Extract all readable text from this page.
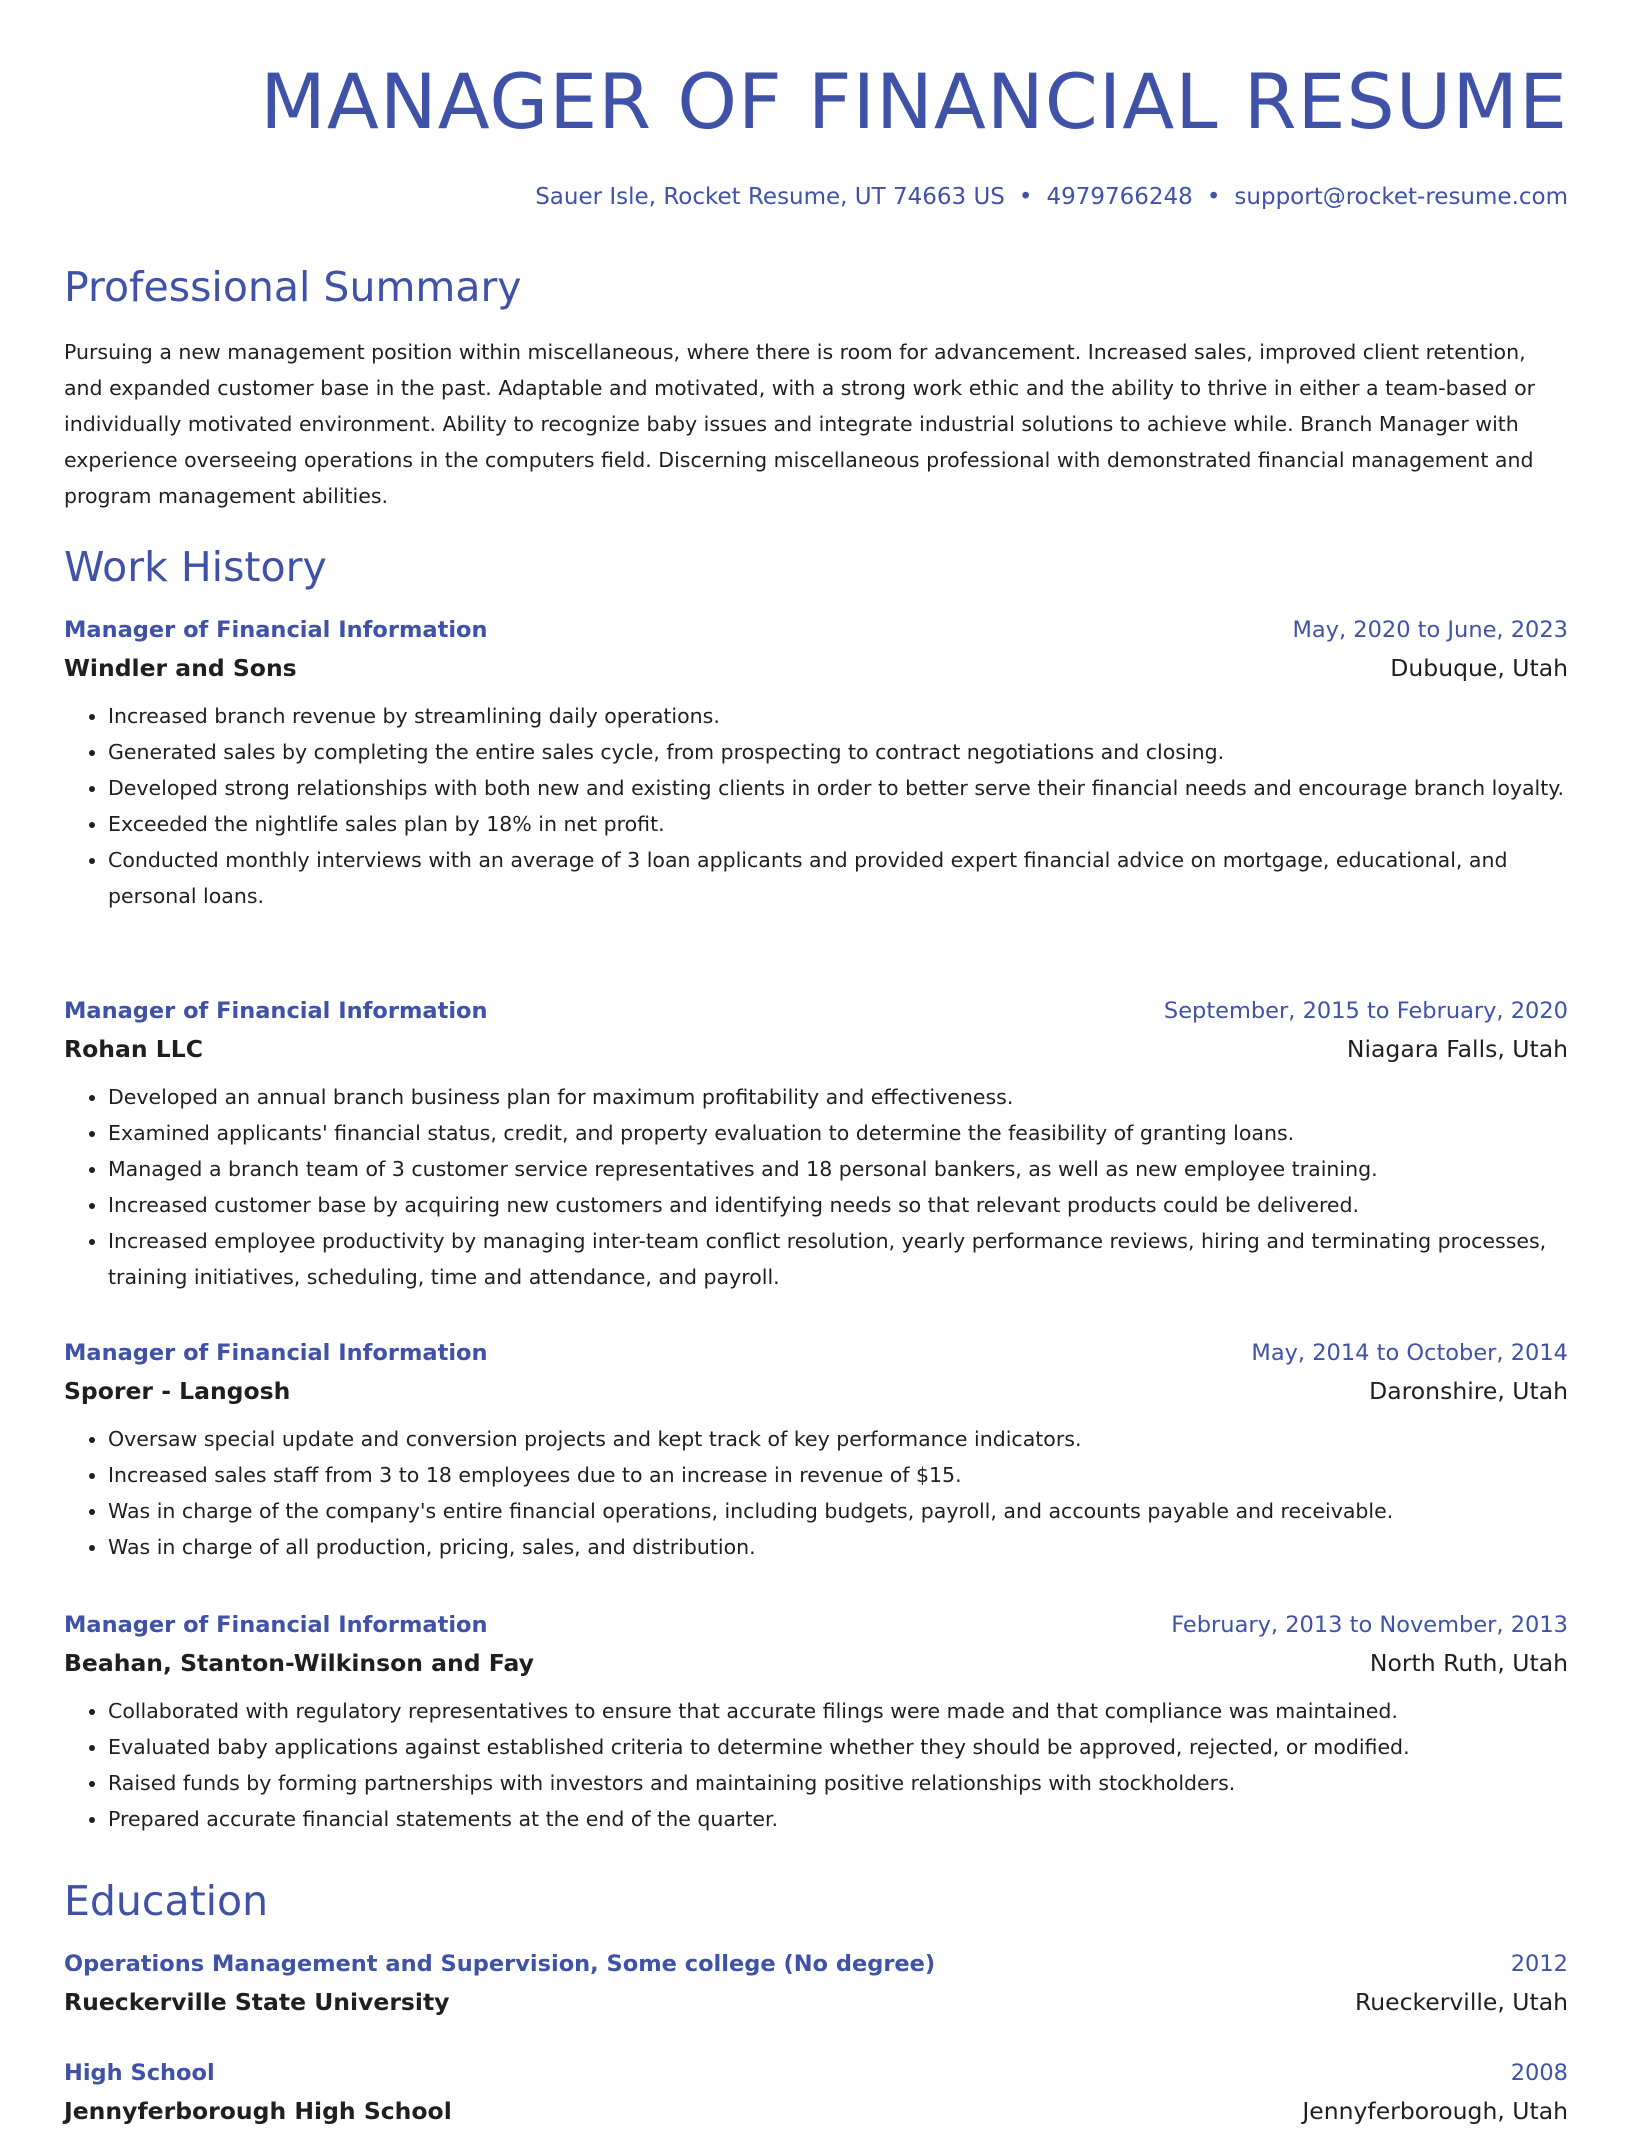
MANAGER OF FINANCIAL RESUME
Sauer Isle, Rocket Resume, UT 74663 US • 4979766248 • support@rocket-resume.com
Professional Summary
Pursuing a new management position within miscellaneous, where there is room for advancement. Increased sales, improved client retention, and expanded customer base in the past. Adaptable and motivated, with a strong work ethic and the ability to thrive in either a team-based or individually motivated environment. Ability to recognize baby issues and integrate industrial solutions to achieve while. Branch Manager with experience overseeing operations in the computers field. Discerning miscellaneous professional with demonstrated financial management and program management abilities.
Work History
Manager of Financial Information	May, 2020 to June, 2023
Windler and Sons	Dubuque, Utah
• Increased branch revenue by streamlining daily operations.
• Generated sales by completing the entire sales cycle, from prospecting to contract negotiations and closing.
• Developed strong relationships with both new and existing clients in order to better serve their financial needs and encourage branch loyalty.
• Exceeded the nightlife sales plan by 18% in net profit.
• Conducted monthly interviews with an average of 3 loan applicants and provided expert financial advice on mortgage, educational, and personal loans.
Manager of Financial Information	September, 2015 to February, 2020
Rohan LLC	Niagara Falls, Utah
• Developed an annual branch business plan for maximum profitability and effectiveness.
• Examined applicants' financial status, credit, and property evaluation to determine the feasibility of granting loans.
• Managed a branch team of 3 customer service representatives and 18 personal bankers, as well as new employee training.
• Increased customer base by acquiring new customers and identifying needs so that relevant products could be delivered.
• Increased employee productivity by managing inter-team conflict resolution, yearly performance reviews, hiring and terminating processes, training initiatives, scheduling, time and attendance, and payroll.
Manager of Financial Information	May, 2014 to October, 2014
Sporer - Langosh	Daronshire, Utah
• Oversaw special update and conversion projects and kept track of key performance indicators.
• Increased sales staff from 3 to 18 employees due to an increase in revenue of $15.
• Was in charge of the company's entire financial operations, including budgets, payroll, and accounts payable and receivable.
• Was in charge of all production, pricing, sales, and distribution.
Manager of Financial Information	February, 2013 to November, 2013
Beahan, Stanton-Wilkinson and Fay	North Ruth, Utah
• Collaborated with regulatory representatives to ensure that accurate filings were made and that compliance was maintained.
• Evaluated baby applications against established criteria to determine whether they should be approved, rejected, or modified.
• Raised funds by forming partnerships with investors and maintaining positive relationships with stockholders.
• Prepared accurate financial statements at the end of the quarter.
Education
Operations Management and Supervision, Some college (No degree)	2012
Rueckerville State University	Rueckerville, Utah
High School	2008
Jennyferborough High School	Jennyferborough, Utah
